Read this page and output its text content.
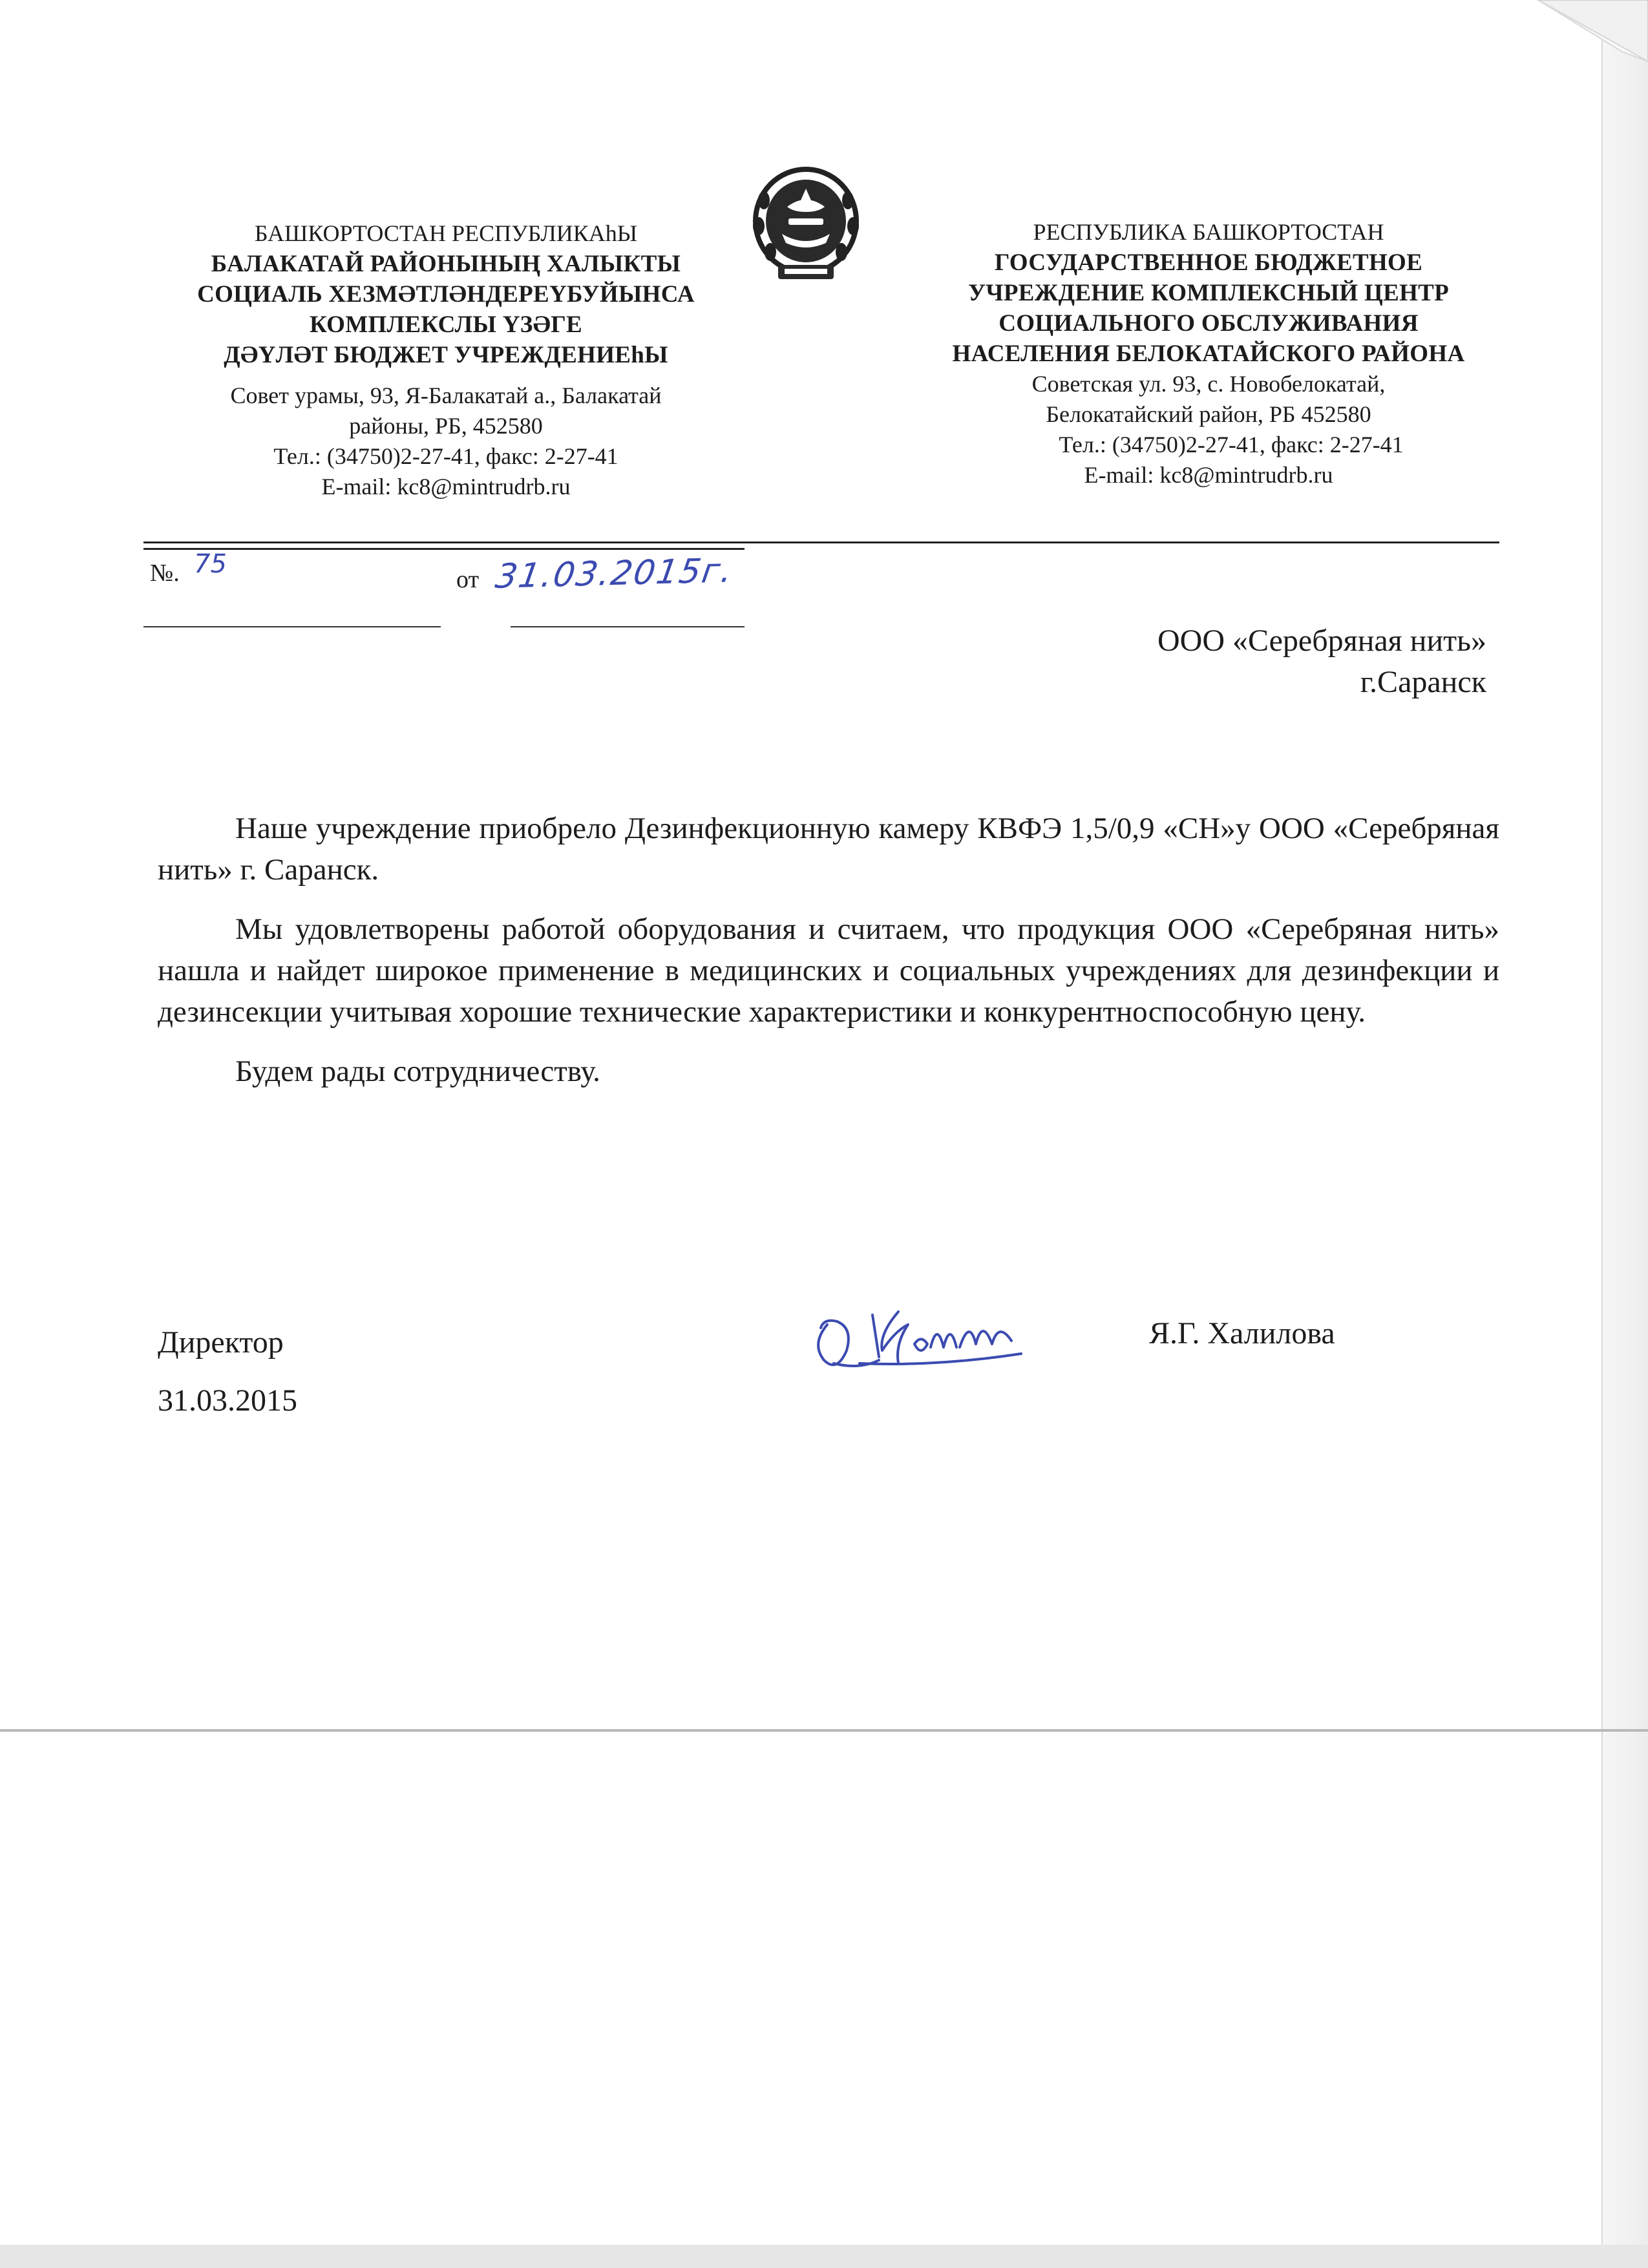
БАШКОРТОСТАН РЕСПУБЛИКАhЫ
БАЛАКАТАЙ РАЙОНЫНЫҢ ХАЛЫКТЫ
СОЦИАЛЬ ХЕЗМӘТЛӘНДЕРЕҮБУЙЫНСА
КОМПЛЕКСЛЫ ҮЗӘГЕ
ДӘҮЛӘТ БЮДЖЕТ УЧРЕЖДЕНИЕhЫ
Совет урамы, 93, Я-Балакатай а., Балакатай
районы, РБ, 452580
Тел.: (34750)2-27-41, факс: 2-27-41
E-mail: kc8@mintrudrb.ru
РЕСПУБЛИКА БАШКОРТОСТАН
ГОСУДАРСТВЕННОЕ БЮДЖЕТНОЕ
УЧРЕЖДЕНИЕ КОМПЛЕКСНЫЙ ЦЕНТР
СОЦИАЛЬНОГО ОБСЛУЖИВАНИЯ
НАСЕЛЕНИЯ БЕЛОКАТАЙСКОГО РАЙОНА
Советская ул. 93, с. Новобелокатай,
Белокатайский район, РБ 452580
Тел.: (34750)2-27-41, факс: 2-27-41
E-mail: kc8@mintrudrb.ru
№. 75
от 31.03.2015г.
ООО «Серебряная нить»
г.Саранск

Наше учреждение приобрело Дезинфекционную камеру КВФЭ 1,5/0,9 «СН»у ООО «Серебряная нить» г. Саранск.

Мы удовлетворены работой оборудования и считаем, что продукция ООО «Серебряная нить» нашла и найдет широкое применение в медицинских и социальных учреждениях для дезинфекции и дезинсекции учитывая хорошие технические характеристики и конкурентноспособную цену.

Будем рады сотрудничеству.

Директор
31.03.2015
Я.Г. Халилова
